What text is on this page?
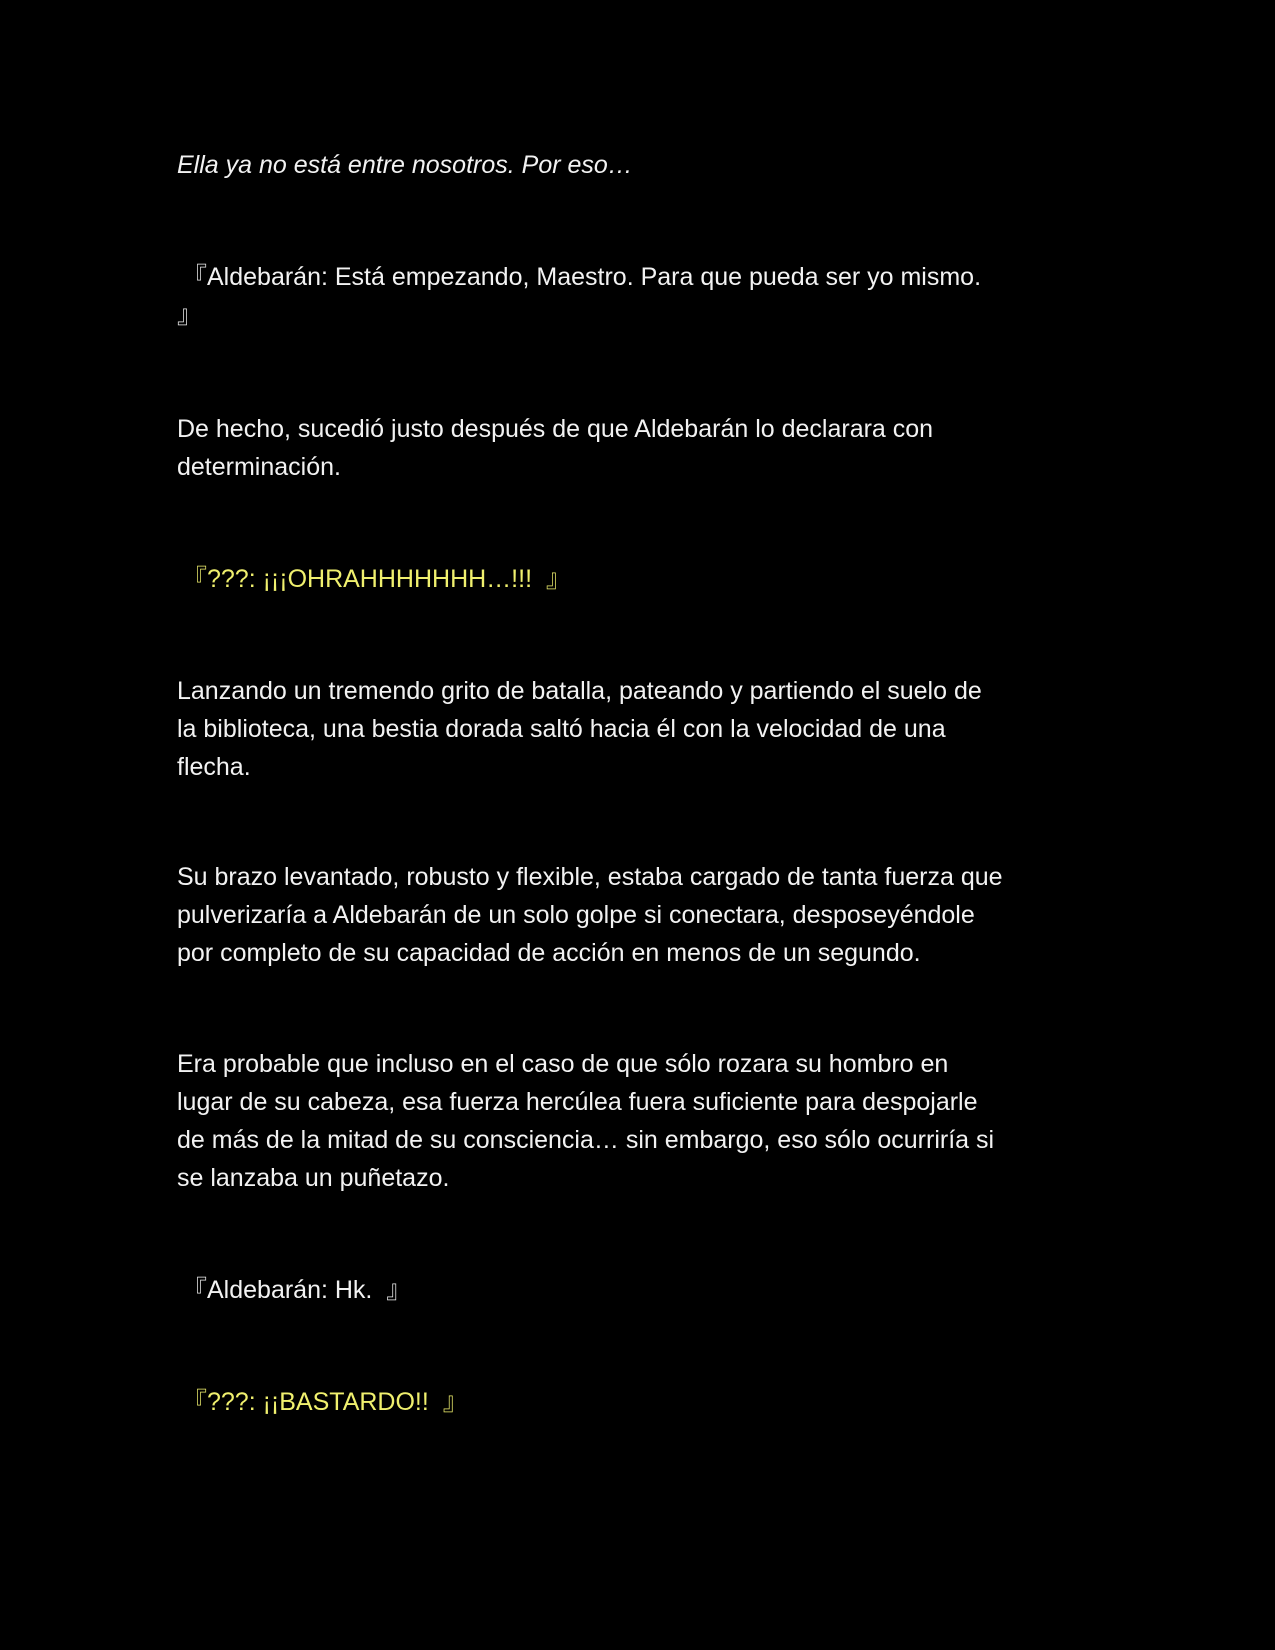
Ella ya no está entre nosotros. Por eso…

『Aldebarán: Está empezando, Maestro. Para que pueda ser yo mismo.

』

De hecho, sucedió justo después de que Aldebarán lo declarara con

determinación.

『???: ¡¡¡OHRAHHHHHHH…!!!  』

Lanzando un tremendo grito de batalla, pateando y partiendo el suelo de

la biblioteca, una bestia dorada saltó hacia él con la velocidad de una

flecha.

Su brazo levantado, robusto y flexible, estaba cargado de tanta fuerza que

pulverizaría a Aldebarán de un solo golpe si conectara, desposeyéndole

por completo de su capacidad de acción en menos de un segundo.

Era probable que incluso en el caso de que sólo rozara su hombro en

lugar de su cabeza, esa fuerza hercúlea fuera suficiente para despojarle

de más de la mitad de su consciencia… sin embargo, eso sólo ocurriría si

se lanzaba un puñetazo.

『Aldebarán: Hk.  』

『???: ¡¡BASTARDO!!  』
